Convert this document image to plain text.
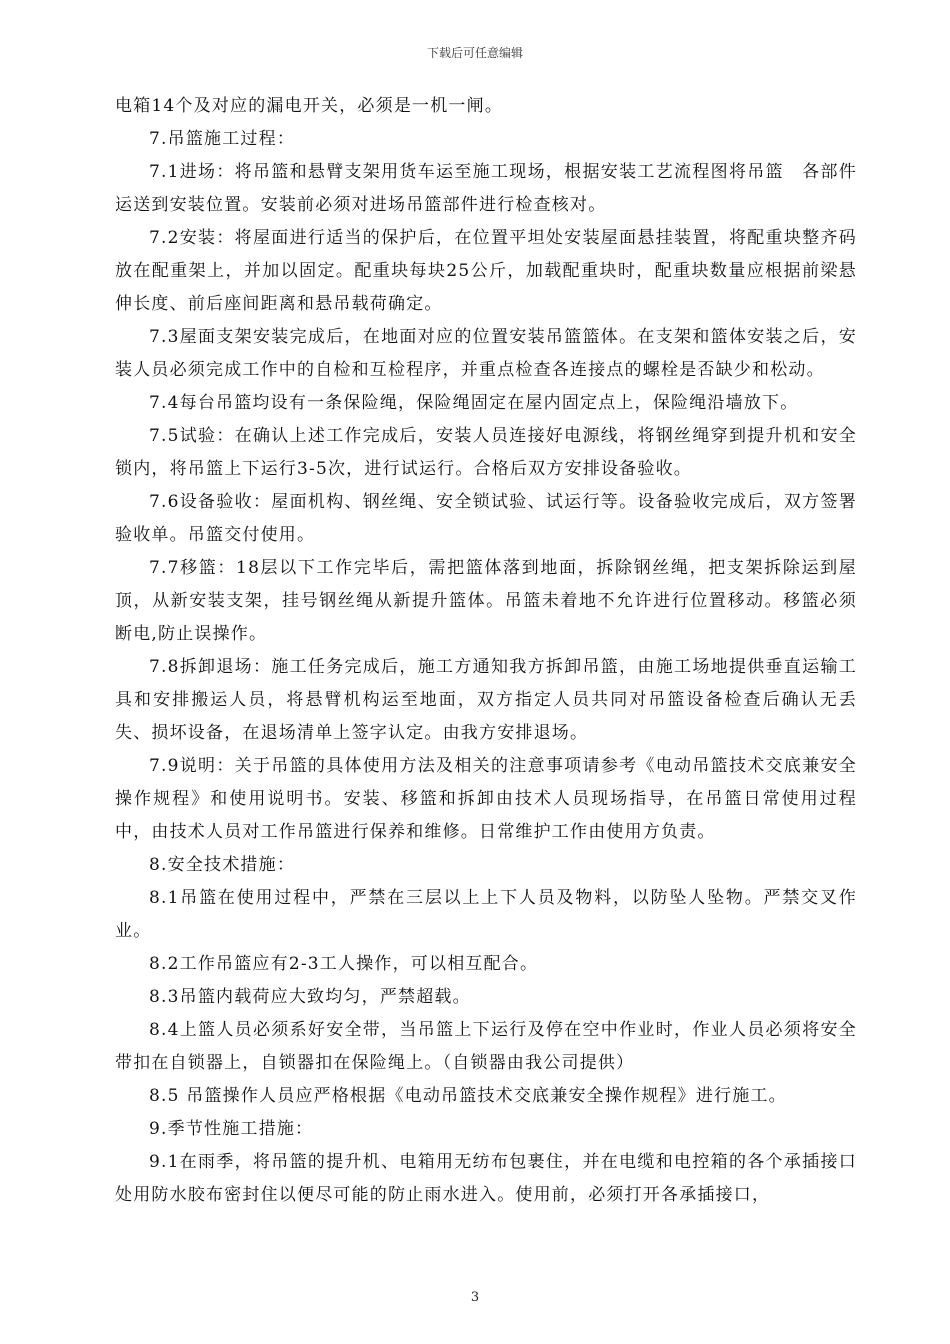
下载后可任意编辑

电箱14个及对应的漏电开关，必须是一机一闸。

7.吊篮施工过程：

7.1进场：将吊篮和悬臂支架用货车运至施工现场，根据安装工艺流程图将吊篮　各部件运送到安装位置。安装前必须对进场吊篮部件进行检查核对。

7.2安装：将屋面进行适当的保护后，在位置平坦处安装屋面悬挂装置，将配重块整齐码放在配重架上，并加以固定。配重块每块25公斤，加载配重块时，配重块数量应根据前梁悬伸长度、前后座间距离和悬吊载荷确定。

7.3屋面支架安装完成后，在地面对应的位置安装吊篮篮体。在支架和篮体安装之后，安装人员必须完成工作中的自检和互检程序，并重点检查各连接点的螺栓是否缺少和松动。

7.4每台吊篮均设有一条保险绳，保险绳固定在屋内固定点上，保险绳沿墙放下。

7.5试验：在确认上述工作完成后，安装人员连接好电源线，将钢丝绳穿到提升机和安全锁内，将吊篮上下运行3-5次，进行试运行。合格后双方安排设备验收。

7.6设备验收：屋面机构、钢丝绳、安全锁试验、试运行等。设备验收完成后，双方签署验收单。吊篮交付使用。

7.7移篮：18层以下工作完毕后，需把篮体落到地面，拆除钢丝绳，把支架拆除运到屋顶，从新安装支架，挂号钢丝绳从新提升篮体。吊篮未着地不允许进行位置移动。移篮必须断电,防止误操作。

7.8拆卸退场：施工任务完成后，施工方通知我方拆卸吊篮，由施工场地提供垂直运输工具和安排搬运人员，将悬臂机构运至地面，双方指定人员共同对吊篮设备检查后确认无丢失、损坏设备，在退场清单上签字认定。由我方安排退场。

7.9说明：关于吊篮的具体使用方法及相关的注意事项请参考《电动吊篮技术交底兼安全操作规程》和使用说明书。安装、移篮和拆卸由技术人员现场指导，在吊篮日常使用过程中，由技术人员对工作吊篮进行保养和维修。日常维护工作由使用方负责。

8.安全技术措施：

8.1吊篮在使用过程中，严禁在三层以上上下人员及物料，以防坠人坠物。严禁交叉作业。

8.2工作吊篮应有2-3工人操作，可以相互配合。

8.3吊篮内载荷应大致均匀，严禁超载。

8.4上篮人员必须系好安全带，当吊篮上下运行及停在空中作业时，作业人员必须将安全带扣在自锁器上，自锁器扣在保险绳上。（自锁器由我公司提供）

8.5 吊篮操作人员应严格根据《电动吊篮技术交底兼安全操作规程》进行施工。

9.季节性施工措施：

9.1在雨季，将吊篮的提升机、电箱用无纺布包裹住，并在电缆和电控箱的各个承插接口处用防水胶布密封住以便尽可能的防止雨水进入。使用前，必须打开各承插接口，

3
